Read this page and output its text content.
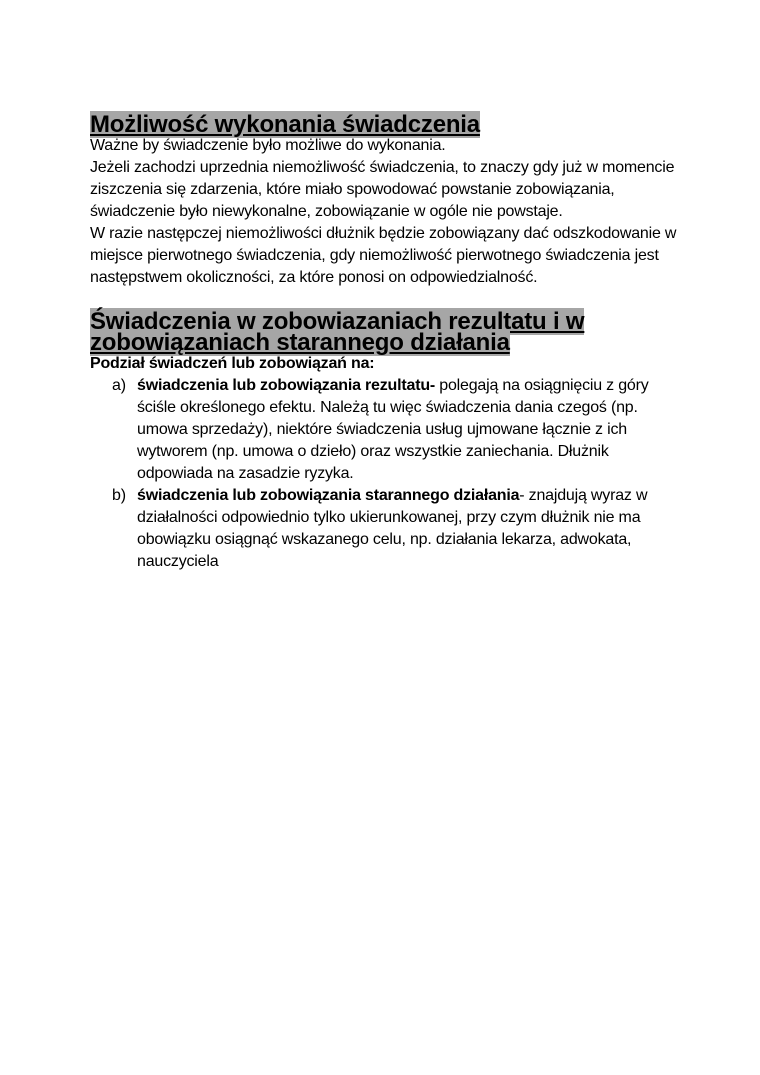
Możliwość wykonania świadczenia

Ważne by świadczenie było możliwe do wykonania.

Jeżeli zachodzi uprzednia niemożliwość świadczenia, to znaczy gdy już w momencie ziszczenia się zdarzenia, które miało spowodować powstanie zobowiązania, świadczenie było niewykonalne, zobowiązanie w ogóle nie powstaje.

W razie następczej niemożliwości dłużnik będzie zobowiązany dać odszkodowanie w miejsce pierwotnego świadczenia, gdy niemożliwość pierwotnego świadczenia jest następstwem okoliczności, za które ponosi on odpowiedzialność.

Świadczenia w zobowiązaniach rezultatu i w zobowiązaniach starannego działania

Podział świadczeń lub zobowiązań na:

a) świadczenia lub zobowiązania rezultatu- polegają na osiągnięciu z góry ściśle określonego efektu. Należą tu więc świadczenia dania czegoś (np. umowa sprzedaży), niektóre świadczenia usług ujmowane łącznie z ich wytworem (np. umowa o dzieło) oraz wszystkie zaniechania. Dłużnik odpowiada na zasadzie ryzyka.
b) świadczenia lub zobowiązania starannego działania- znajdują wyraz w działalności odpowiednio tylko ukierunkowanej, przy czym dłużnik nie ma obowiązku osiągnąć wskazanego celu, np. działania lekarza, adwokata, nauczyciela
